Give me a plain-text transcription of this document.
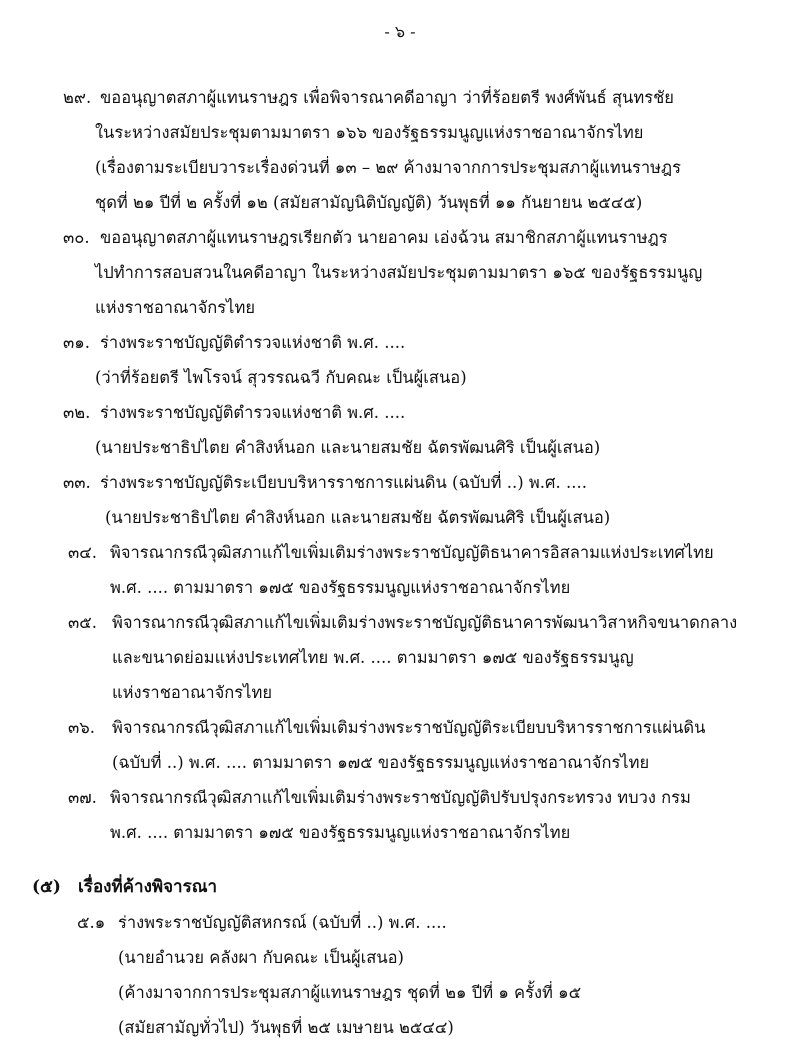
- ๖ -
๒๙. ขออนุญาตสภาผู้แทนราษฎร เพื่อพิจารณาคดีอาญา ว่าที่ร้อยตรี พงศ์พันธ์ สุนทรชัย
ในระหว่างสมัยประชุมตามมาตรา ๑๖๖ ของรัฐธรรมนูญแห่งราชอาณาจักรไทย
(เรื่องตามระเบียบวาระเรื่องด่วนที่ ๑๓ – ๒๙ ค้างมาจากการประชุมสภาผู้แทนราษฎร
ชุดที่ ๒๑ ปีที่ ๒ ครั้งที่ ๑๒ (สมัยสามัญนิติบัญญัติ) วันพุธที่ ๑๑ กันยายน ๒๕๔๕)
๓๐. ขออนุญาตสภาผู้แทนราษฎรเรียกตัว นายอาคม เอ่งฉ้วน สมาชิกสภาผู้แทนราษฎร
ไปทำการสอบสวนในคดีอาญา ในระหว่างสมัยประชุมตามมาตรา ๑๖๕ ของรัฐธรรมนูญ
แห่งราชอาณาจักรไทย
๓๑. ร่างพระราชบัญญัติตำรวจแห่งชาติ พ.ศ. ....
(ว่าที่ร้อยตรี ไพโรจน์ สุวรรณฉวี กับคณะ เป็นผู้เสนอ)
๓๒. ร่างพระราชบัญญัติตำรวจแห่งชาติ พ.ศ. ....
(นายประชาธิปไตย คำสิงห์นอก และนายสมชัย ฉัตรพัฒนศิริ เป็นผู้เสนอ)
๓๓. ร่างพระราชบัญญัติระเบียบบริหารราชการแผ่นดิน (ฉบับที่ ..) พ.ศ. ....
(นายประชาธิปไตย คำสิงห์นอก และนายสมชัย ฉัตรพัฒนศิริ เป็นผู้เสนอ)
๓๔. พิจารณากรณีวุฒิสภาแก้ไขเพิ่มเติมร่างพระราชบัญญัติธนาคารอิสลามแห่งประเทศไทย
พ.ศ. .... ตามมาตรา ๑๗๕ ของรัฐธรรมนูญแห่งราชอาณาจักรไทย
๓๕. พิจารณากรณีวุฒิสภาแก้ไขเพิ่มเติมร่างพระราชบัญญัติธนาคารพัฒนาวิสาหกิจขนาดกลาง
และขนาดย่อมแห่งประเทศไทย พ.ศ. .... ตามมาตรา ๑๗๕ ของรัฐธรรมนูญ
แห่งราชอาณาจักรไทย
๓๖. พิจารณากรณีวุฒิสภาแก้ไขเพิ่มเติมร่างพระราชบัญญัติระเบียบบริหารราชการแผ่นดิน
(ฉบับที่ ..) พ.ศ. .... ตามมาตรา ๑๗๕ ของรัฐธรรมนูญแห่งราชอาณาจักรไทย
๓๗. พิจารณากรณีวุฒิสภาแก้ไขเพิ่มเติมร่างพระราชบัญญัติปรับปรุงกระทรวง ทบวง กรม
พ.ศ. .... ตามมาตรา ๑๗๕ ของรัฐธรรมนูญแห่งราชอาณาจักรไทย
(๕) เรื่องที่ค้างพิจารณา
๕.๑ ร่างพระราชบัญญัติสหกรณ์ (ฉบับที่ ..) พ.ศ. ....
(นายอำนวย คลังผา กับคณะ เป็นผู้เสนอ)
(ค้างมาจากการประชุมสภาผู้แทนราษฎร ชุดที่ ๒๑ ปีที่ ๑ ครั้งที่ ๑๕
(สมัยสามัญทั่วไป) วันพุธที่ ๒๕ เมษายน ๒๕๔๔)
